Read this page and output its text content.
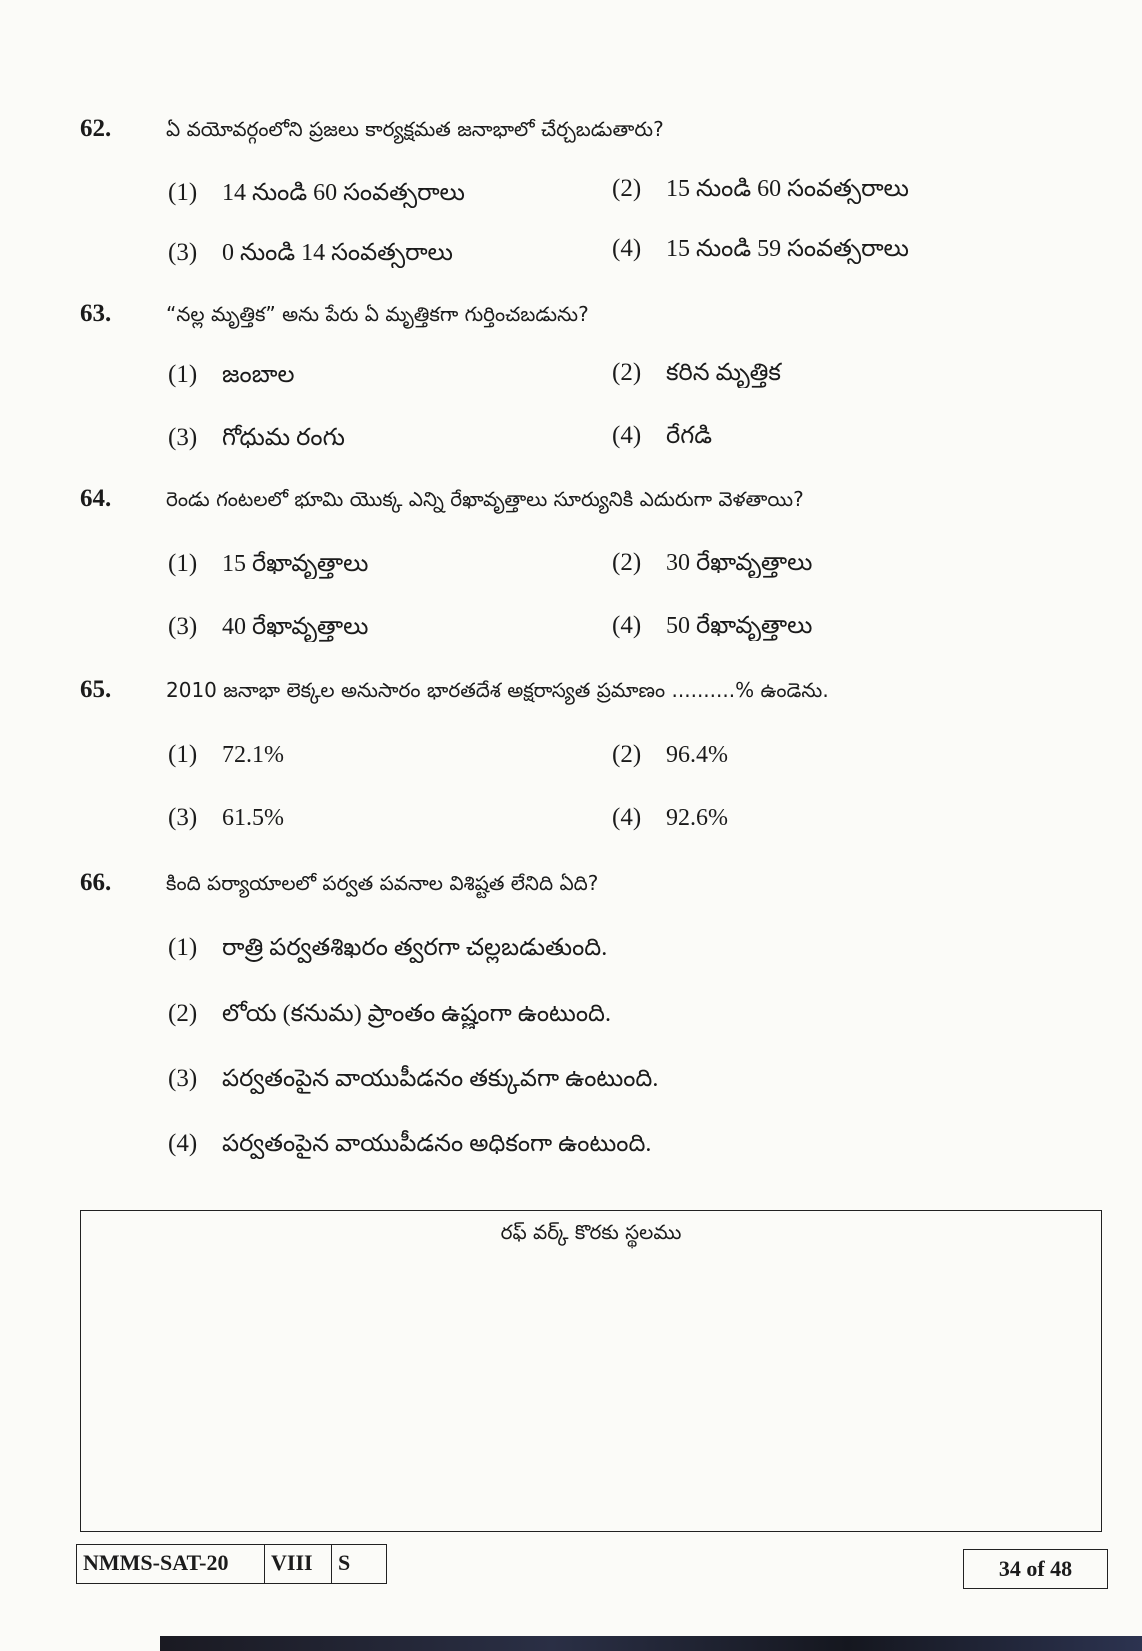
62.	ఏ వయోవర్గంలోని ప్రజలు కార్యక్షమత జనాభాలో చేర్చబడుతారు?
(1) 14 నుండి 60 సంవత్సరాలు	(2) 15 నుండి 60 సంవత్సరాలు
(3) 0 నుండి 14 సంవత్సరాలు	(4) 15 నుండి 59 సంవత్సరాలు
63.	“నల్ల మృత్తిక” అను పేరు ఏ మృత్తికగా గుర్తించబడును?
(1) జంబాల	(2) కరిన మృత్తిక
(3) గోధుమ రంగు	(4) రేగడి
64.	రెండు గంటలలో భూమి యొక్క ఎన్ని రేఖావృత్తాలు సూర్యునికి ఎదురుగా వెళతాయి?
(1) 15 రేఖావృత్తాలు	(2) 30 రేఖావృత్తాలు
(3) 40 రేఖావృత్తాలు	(4) 50 రేఖావృత్తాలు
65.	2010 జనాభా లెక్కల అనుసారం భారతదేశ అక్షరాస్యత ప్రమాణం ..........% ఉండెను.
(1) 72.1%	(2) 96.4%
(3) 61.5%	(4) 92.6%
66.	కింది పర్యాయాలలో పర్వత పవనాల విశిష్టత లేనిది ఏది?
(1) రాత్రి పర్వతశిఖరం త్వరగా చల్లబడుతుంది.
(2) లోయ (కనుమ) ప్రాంతం ఉష్ణంగా ఉంటుంది.
(3) పర్వతంపైన వాయుపీడనం తక్కువగా ఉంటుంది.
(4) పర్వతంపైన వాయుపీడనం అధికంగా ఉంటుంది.
రఫ్ వర్క్ కొరకు స్థలము
NMMS-SAT-20	VIII	S	34 of 48
